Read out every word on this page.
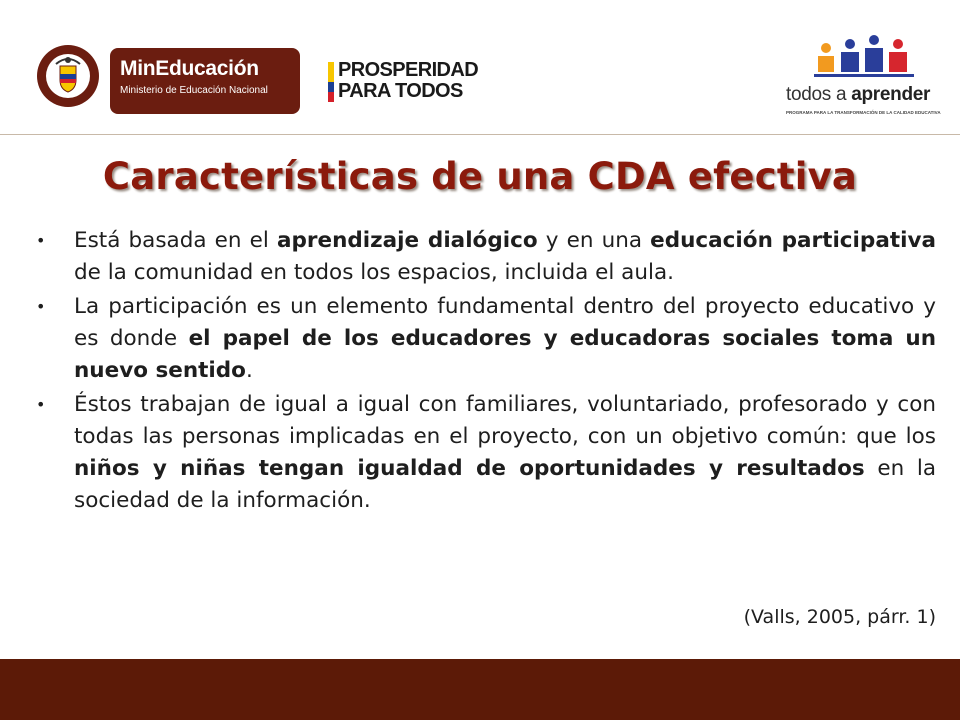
MinEducación
Ministerio de Educación Nacional
PROSPERIDAD
PARA TODOS	todos a aprender
PROGRAMA PARA LA TRANSFORMACIÓN DE LA CALIDAD EDUCATIVA
Características de una CDA efectiva
• Está basada en el aprendizaje dialógico y en una educación participativa de la comunidad en todos los espacios, incluida el aula.
• La participación es un elemento fundamental dentro del proyecto educativo y es donde el papel de los educadores y educadoras sociales toma un nuevo sentido.
• Éstos trabajan de igual a igual con familiares, voluntariado, profesorado y con todas las personas implicadas en el proyecto, con un objetivo común: que los niños y niñas tengan igualdad de oportunidades y resultados en la sociedad de la información.
(Valls, 2005, párr. 1)
